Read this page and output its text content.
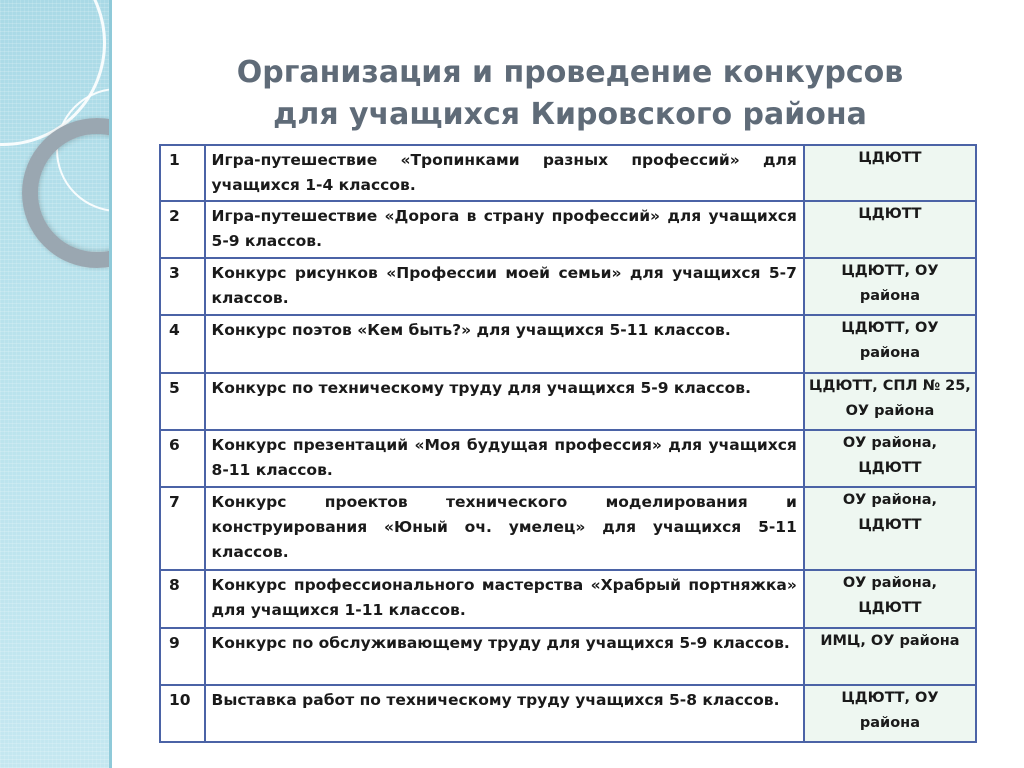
Организация и проведение конкурсов
для учащихся Кировского района
1	Игра-путешествие «Тропинками разных профессий» для учащихся 1-4 классов.	ЦДЮТТ
2	Игра-путешествие «Дорога в страну профессий» для учащихся 5-9 классов.	ЦДЮТТ
3	Конкурс рисунков «Профессии моей семьи» для учащихся 5-7 классов.	ЦДЮТТ, ОУ района
4	Конкурс поэтов «Кем быть?» для учащихся 5-11 классов.	ЦДЮТТ, ОУ района
5	Конкурс по техническому труду для учащихся 5-9 классов.	ЦДЮТТ, СПЛ № 25, ОУ района
6	Конкурс презентаций «Моя будущая профессия» для учащихся 8-11 классов.	ОУ района, ЦДЮТТ
7	Конкурс проектов технического моделирования и конструирования «Юный оч. умелец» для учащихся 5-11 классов.	ОУ района, ЦДЮТТ
8	Конкурс профессионального мастерства «Храбрый портняжка» для учащихся 1-11 классов.	ОУ района, ЦДЮТТ
9	Конкурс по обслуживающему труду для учащихся 5-9 классов.	ИМЦ, ОУ района
10	Выставка работ по техническому труду учащихся 5-8 классов.	ЦДЮТТ, ОУ района
